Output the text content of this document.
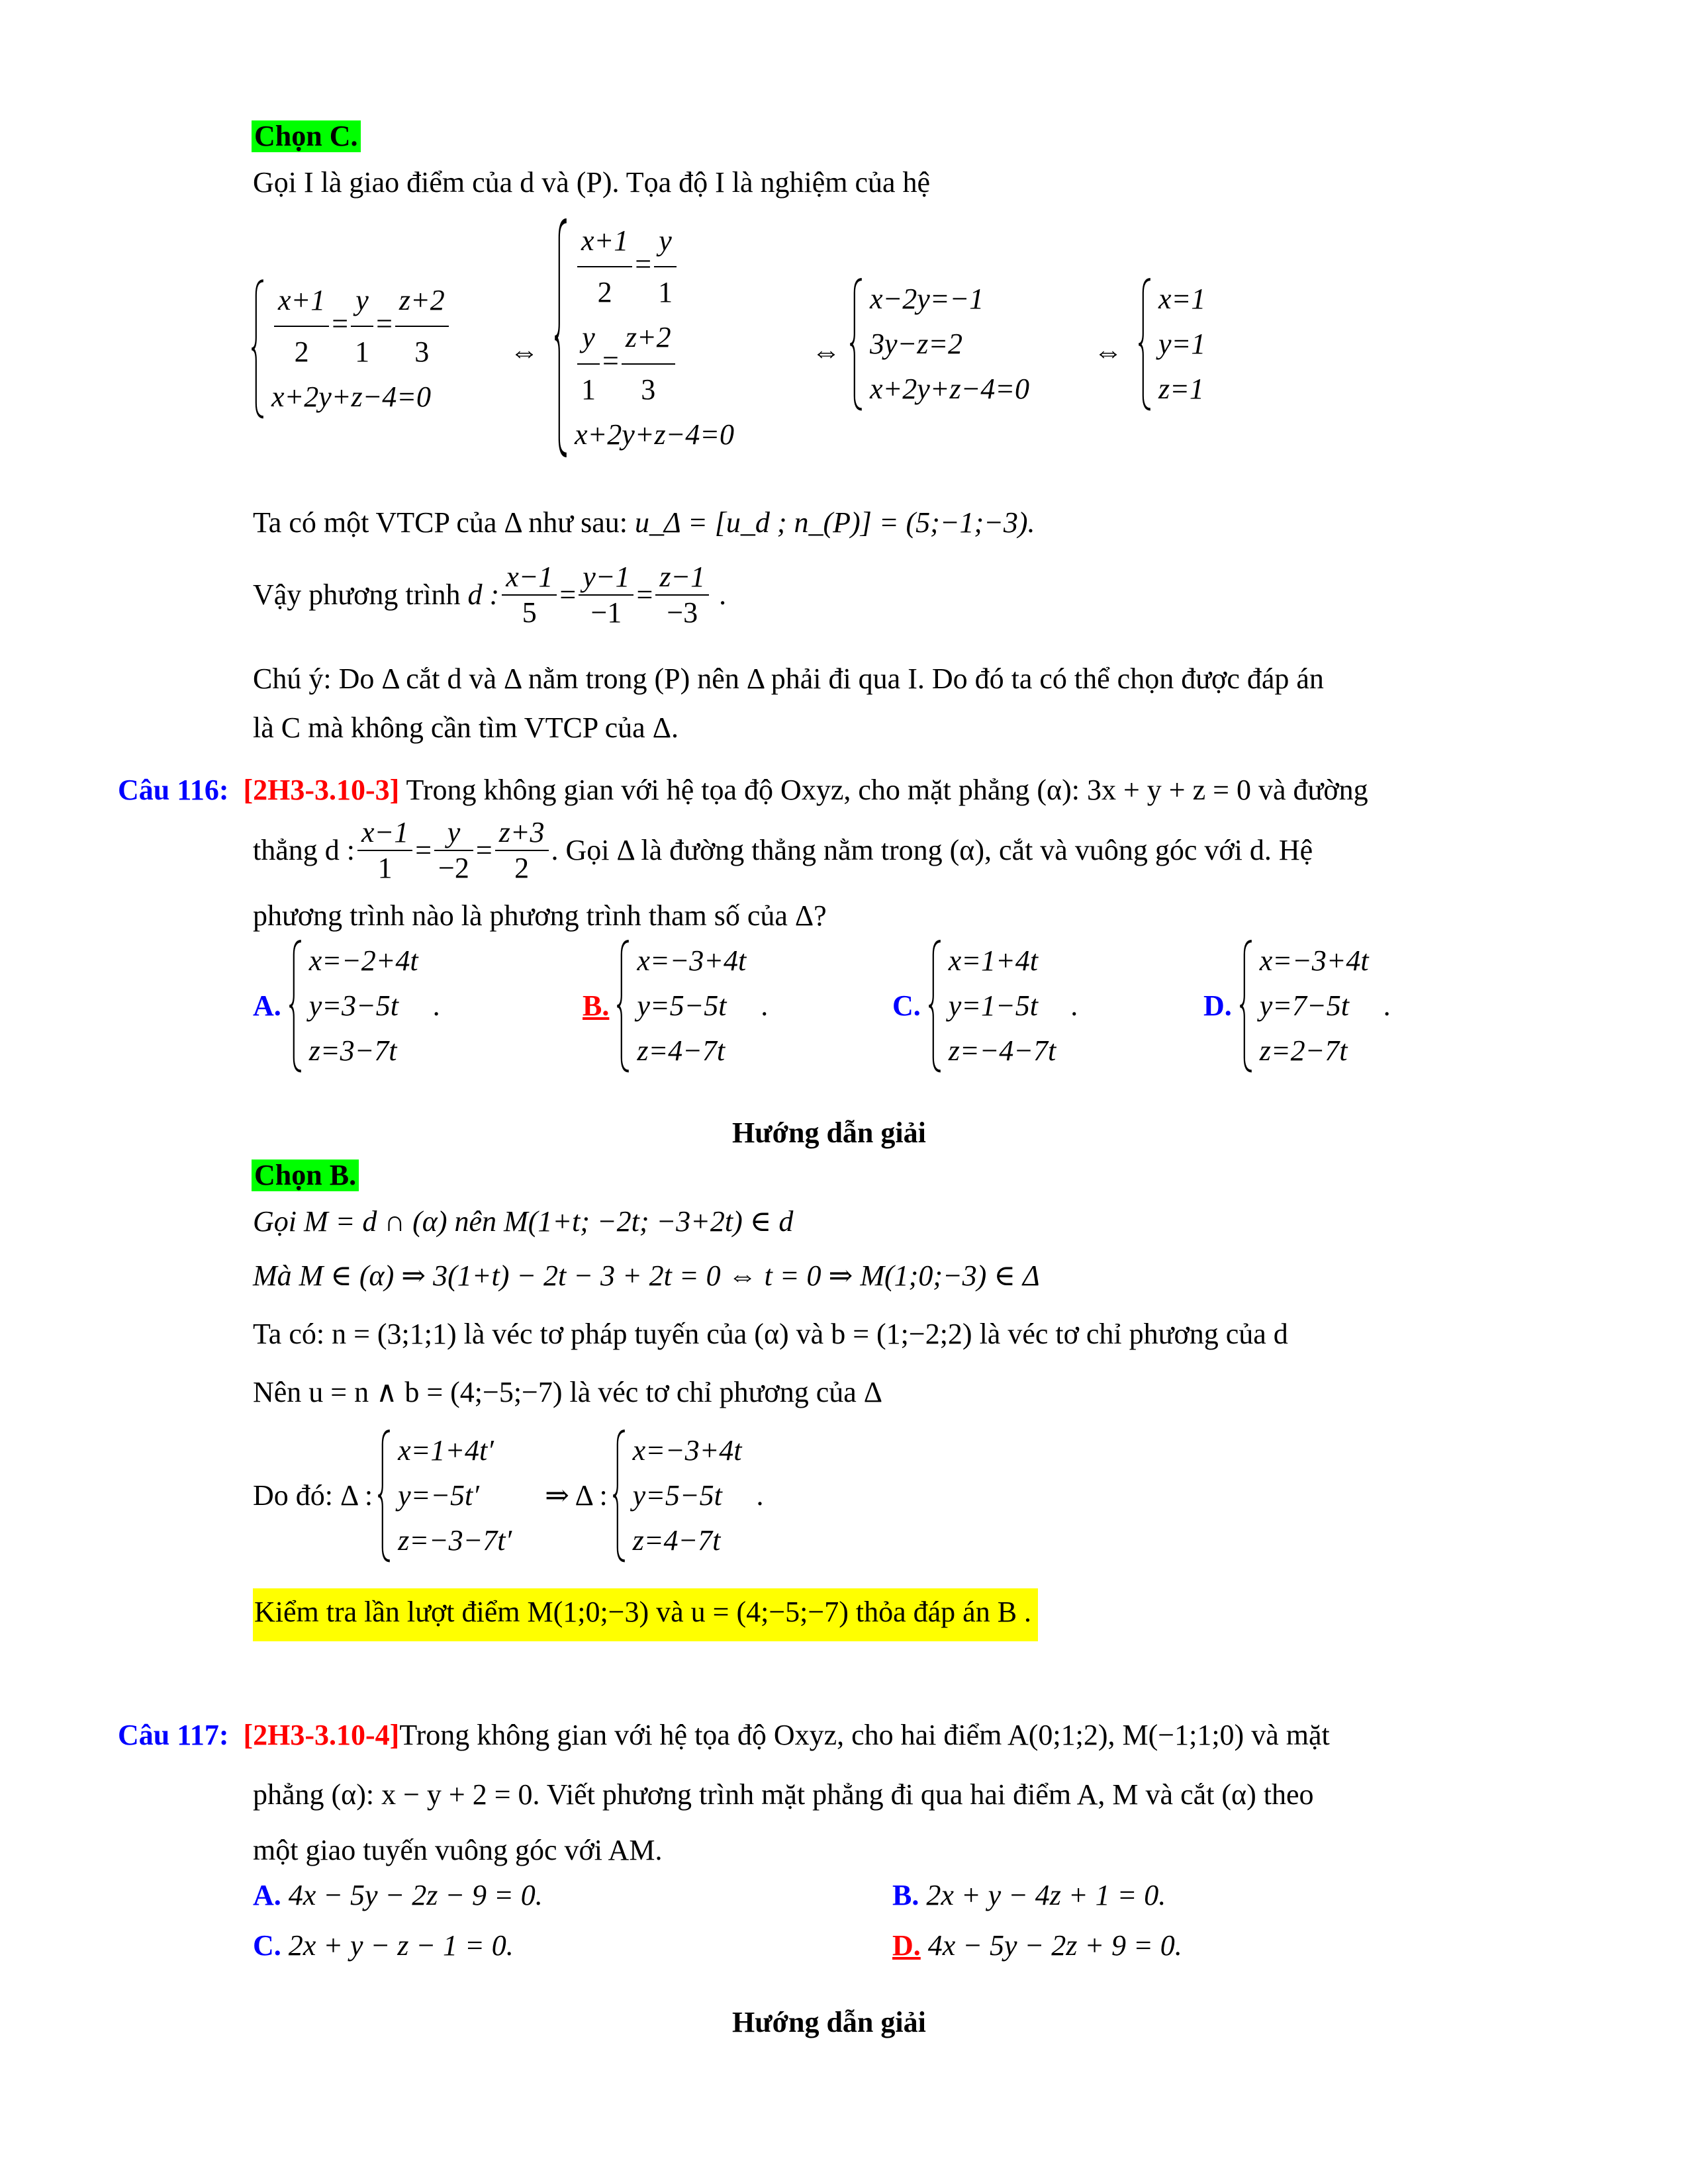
Chọn C.
Gọi I là giao điểm của d và (P). Tọa độ I là nghiệm của hệ
$\frac{x+1}{2} = \frac{y}{1} = \frac{z+2}{3}$
x+2y+z−4=0
⇔
$\frac{x+1}{2} = \frac{y}{1}$
$\frac{y}{1} = \frac{z+2}{3}$
x+2y+z−4=0
⇔
x−2y=−1
3y−z=2
x+2y+z−4=0
⇔
x=1
y=1
z=1
Ta có một VTCP của Δ như sau: u_Δ = [u_d ; n_(P)] = (5;−1;−3).
Vậy phương trình
d : $\frac{x-1}{5} = \frac{y-1}{-1} = \frac{z-1}{-3}$ .
Chú ý: Do Δ cắt d và Δ nằm trong (P) nên Δ phải đi qua I. Do đó ta có thể chọn được đáp án
là C mà không cần tìm VTCP của Δ.
Câu 116: [2H3-3.10-3] Trong không gian với hệ tọa độ Oxyz, cho mặt phẳng (α): 3x + y + z = 0 và đường
thẳng d : $\frac{x-1}{1} = \frac{y}{-2} = \frac{z+3}{2}$ . Gọi Δ là đường thẳng nằm trong (α), cắt và vuông góc với d. Hệ
phương trình nào là phương trình tham số của Δ?
A.
x=−2+4t
y=3−5t
z=3−7t
.	B.
x=−3+4t
y=5−5t
z=4−7t
.	C.
x=1+4t
y=1−5t
z=−4−7t
.	D.
x=−3+4t
y=7−5t
z=2−7t
.
Hướng dẫn giải
Chọn B.
Gọi M = d ∩ (α) nên M(1+t; −2t; −3+2t) ∈ d
Mà M ∈ (α) ⇒ 3(1+t) − 2t − 3 + 2t = 0 ⇔ t = 0 ⇒ M(1;0;−3) ∈ Δ
Ta có: n = (3;1;1) là véc tơ pháp tuyến của (α) và b = (1;−2;2) là véc tơ chỉ phương của d
Nên u = n ∧ b = (4;−5;−7) là véc tơ chỉ phương của Δ
Do đó: Δ :
x=1+4t′
y=−5t′
z=−3−7t′
⇒ Δ :
x=−3+4t
y=5−5t
z=4−7t
.
Kiểm tra lần lượt điểm M(1;0;−3) và u = (4;−5;−7) thỏa đáp án B .
Câu 117: [2H3-3.10-4]Trong không gian với hệ tọa độ Oxyz, cho hai điểm A(0;1;2), M(−1;1;0) và mặt
phẳng (α): x − y + 2 = 0. Viết phương trình mặt phẳng đi qua hai điểm A, M và cắt (α) theo
một giao tuyến vuông góc với AM.
A. 4x − 5y − 2z − 9 = 0.	B. 2x + y − 4z + 1 = 0.
C. 2x + y − z − 1 = 0.	D. 4x − 5y − 2z + 9 = 0.
Hướng dẫn giải
